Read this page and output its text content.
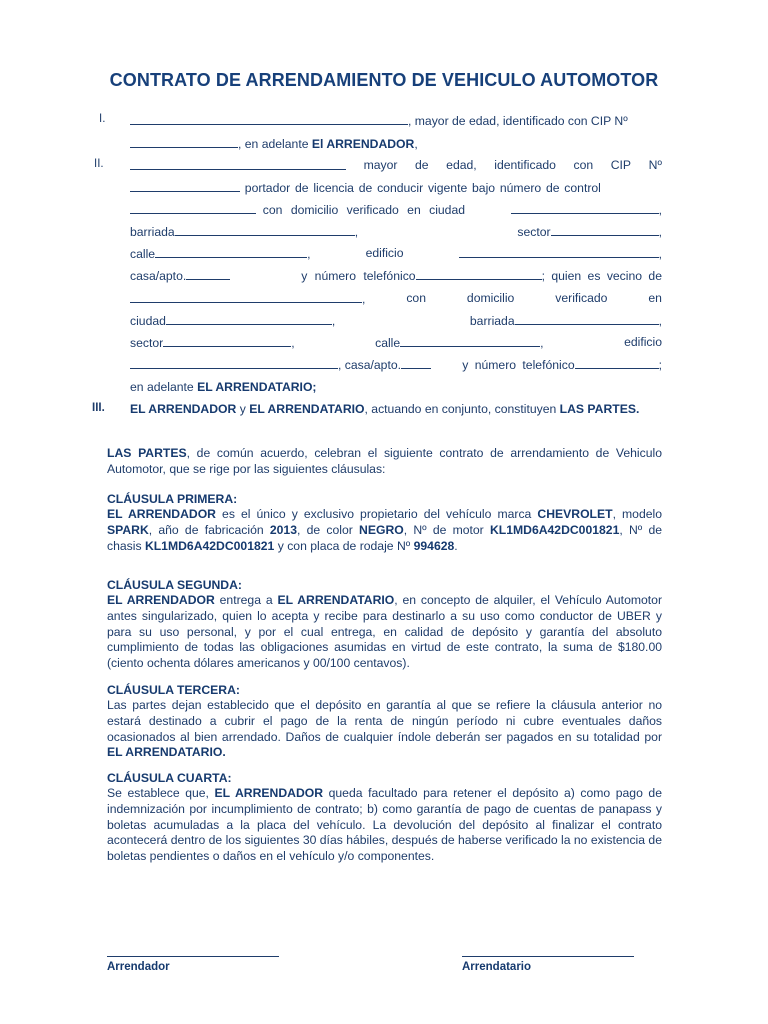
CONTRATO DE ARRENDAMIENTO DE VEHICULO AUTOMOTOR
I.	, mayor de edad, identificado con CIP Nº
, en adelante El ARRENDADOR,
II.	mayor de edad, identificado con CIP Nº
portador de licencia de conducir vigente bajo número de control
con domicilio verificado en ciudad	,
barriada	,	sector	,
calle	,	edificio	,
casa/apto.	y número telefónico	; quien es vecino de
,	con	domicilio	verificado	en
ciudad	,	barriada	,
sector	,	calle	,	edificio
, casa/apto.	y número telefónico	;
en adelante EL ARRENDATARIO;
III. EL ARRENDADOR y EL ARRENDATARIO, actuando en conjunto, constituyen LAS PARTES.
LAS PARTES, de común acuerdo, celebran el siguiente contrato de arrendamiento de Vehiculo Automotor, que se rige por las siguientes cláusulas:
CLÁUSULA PRIMERA:
EL ARRENDADOR es el único y exclusivo propietario del vehículo marca CHEVROLET, modelo SPARK, año de fabricación 2013, de color NEGRO, Nº de motor KL1MD6A42DC001821, Nº de chasis KL1MD6A42DC001821 y con placa de rodaje Nº 994628.
CLÁUSULA SEGUNDA:
EL ARRENDADOR entrega a EL ARRENDATARIO, en concepto de alquiler, el Vehículo Automotor antes singularizado, quien lo acepta y recibe para destinarlo a su uso como conductor de UBER y para su uso personal, y por el cual entrega, en calidad de depósito y garantía del absoluto cumplimiento de todas las obligaciones asumidas en virtud de este contrato, la suma de $180.00 (ciento ochenta dólares americanos y 00/100 centavos).
CLÁUSULA TERCERA:
Las partes dejan establecido que el depósito en garantía al que se refiere la cláusula anterior no estará destinado a cubrir el pago de la renta de ningún período ni cubre eventuales daños ocasionados al bien arrendado. Daños de cualquier índole deberán ser pagados en su totalidad por EL ARRENDATARIO.
CLÁUSULA CUARTA:
Se establece que, EL ARRENDADOR queda facultado para retener el depósito a) como pago de indemnización por incumplimiento de contrato; b) como garantía de pago de cuentas de panapass y boletas acumuladas a la placa del vehículo. La devolución del depósito al finalizar el contrato acontecerá dentro de los siguientes 30 días hábiles, después de haberse verificado la no existencia de boletas pendientes o daños en el vehículo y/o componentes.
Arrendador	Arrendatario
